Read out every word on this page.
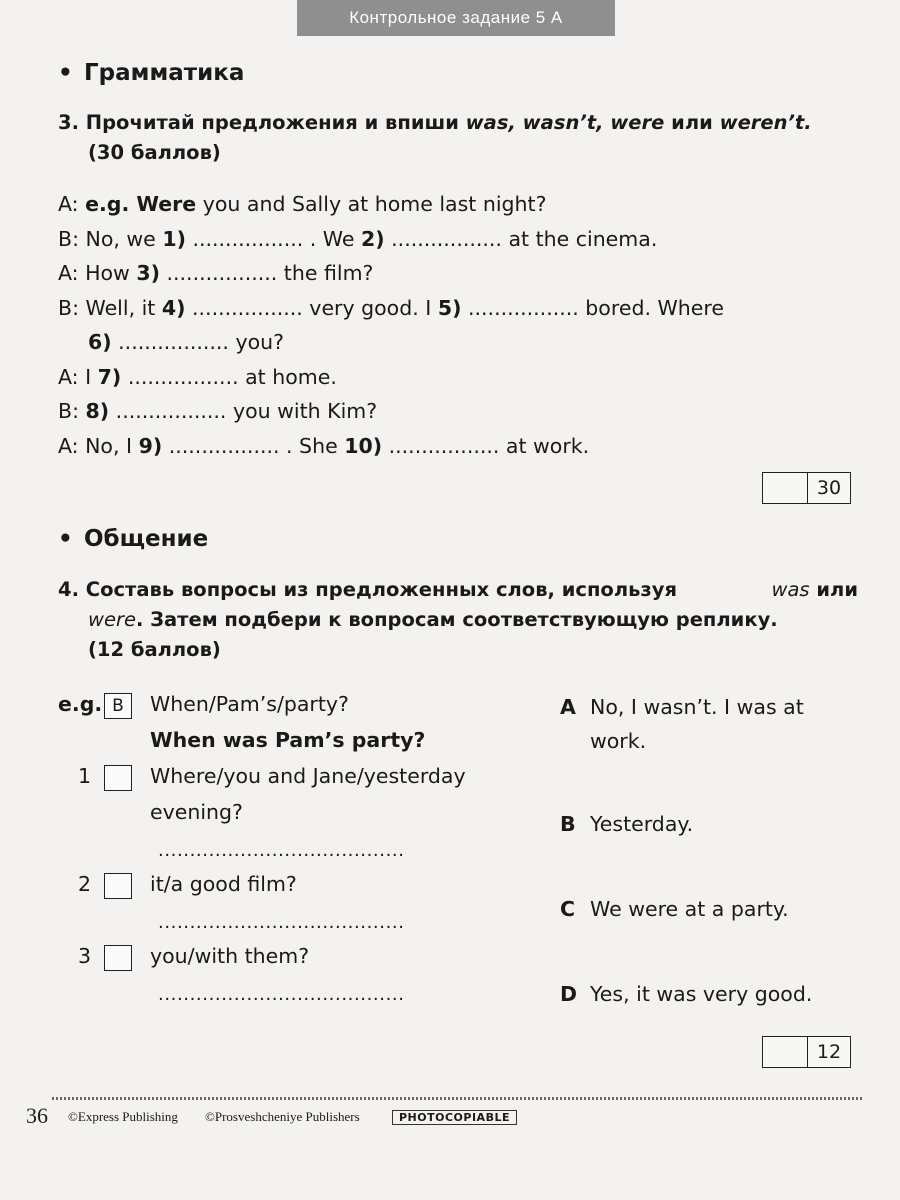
Контрольное задание 5 А
• Грамматика
3. Прочитай предложения и впиши was, wasn’t, were или weren’t.
(30 баллов)
A: e.g. Were you and Sally at home last night?
B: No, we 1) ................. . We 2) ................. at the cinema.
A: How 3) ................. the film?
B: Well, it 4) ................. very good. I 5) ................. bored. Where
6) ................. you?
A: I 7) ................. at home.
B: 8) ................. you with Kim?
A: No, I 9) ................. . She 10) ................. at work.
30
• Общение
4. Составь вопросы из предложенных слов, используя	was или
were. Затем подбери к вопросам соответствующую реплику.
(12 баллов)
e.g. B When/Pam’s/party?
When was Pam’s party?
1	Where/you and Jane/yesterday
evening?
.......................................
2	it/a good film?
.......................................
3	you/with them?
.......................................
A No, I wasn’t. I was at
work.
B Yesterday.
C We were at a party.
D Yes, it was very good.
12
36 ©Express Publishing ©Prosveshcheniye Publishers	PHOTOCOPIABLE
